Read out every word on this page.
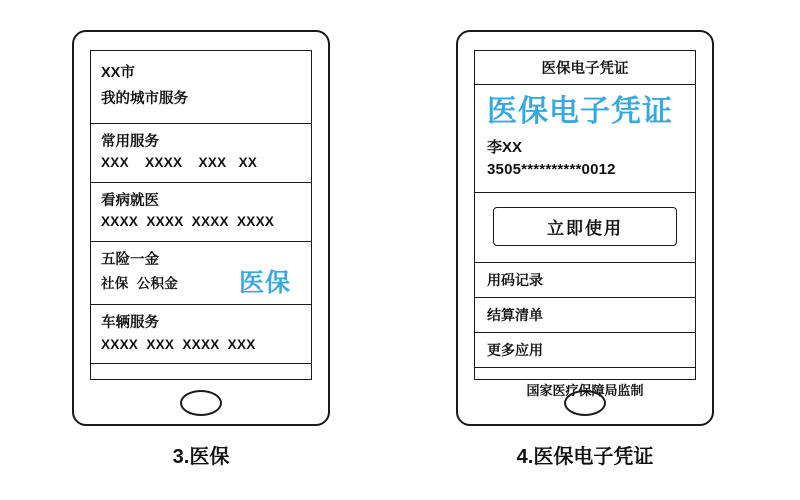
XX市
我的城市服务
常用服务
XXX    XXXX    XXX   XX
看病就医
XXXX  XXXX  XXXX  XXXX
五险一金
社保  公积金 医保
车辆服务
XXXX  XXX  XXXX  XXX
3.医保
医保电子凭证
医保电子凭证
李XX
3505**********0012
立即使用
用码记录
结算清单
更多应用
国家医疗保障局监制
4.医保电子凭证
